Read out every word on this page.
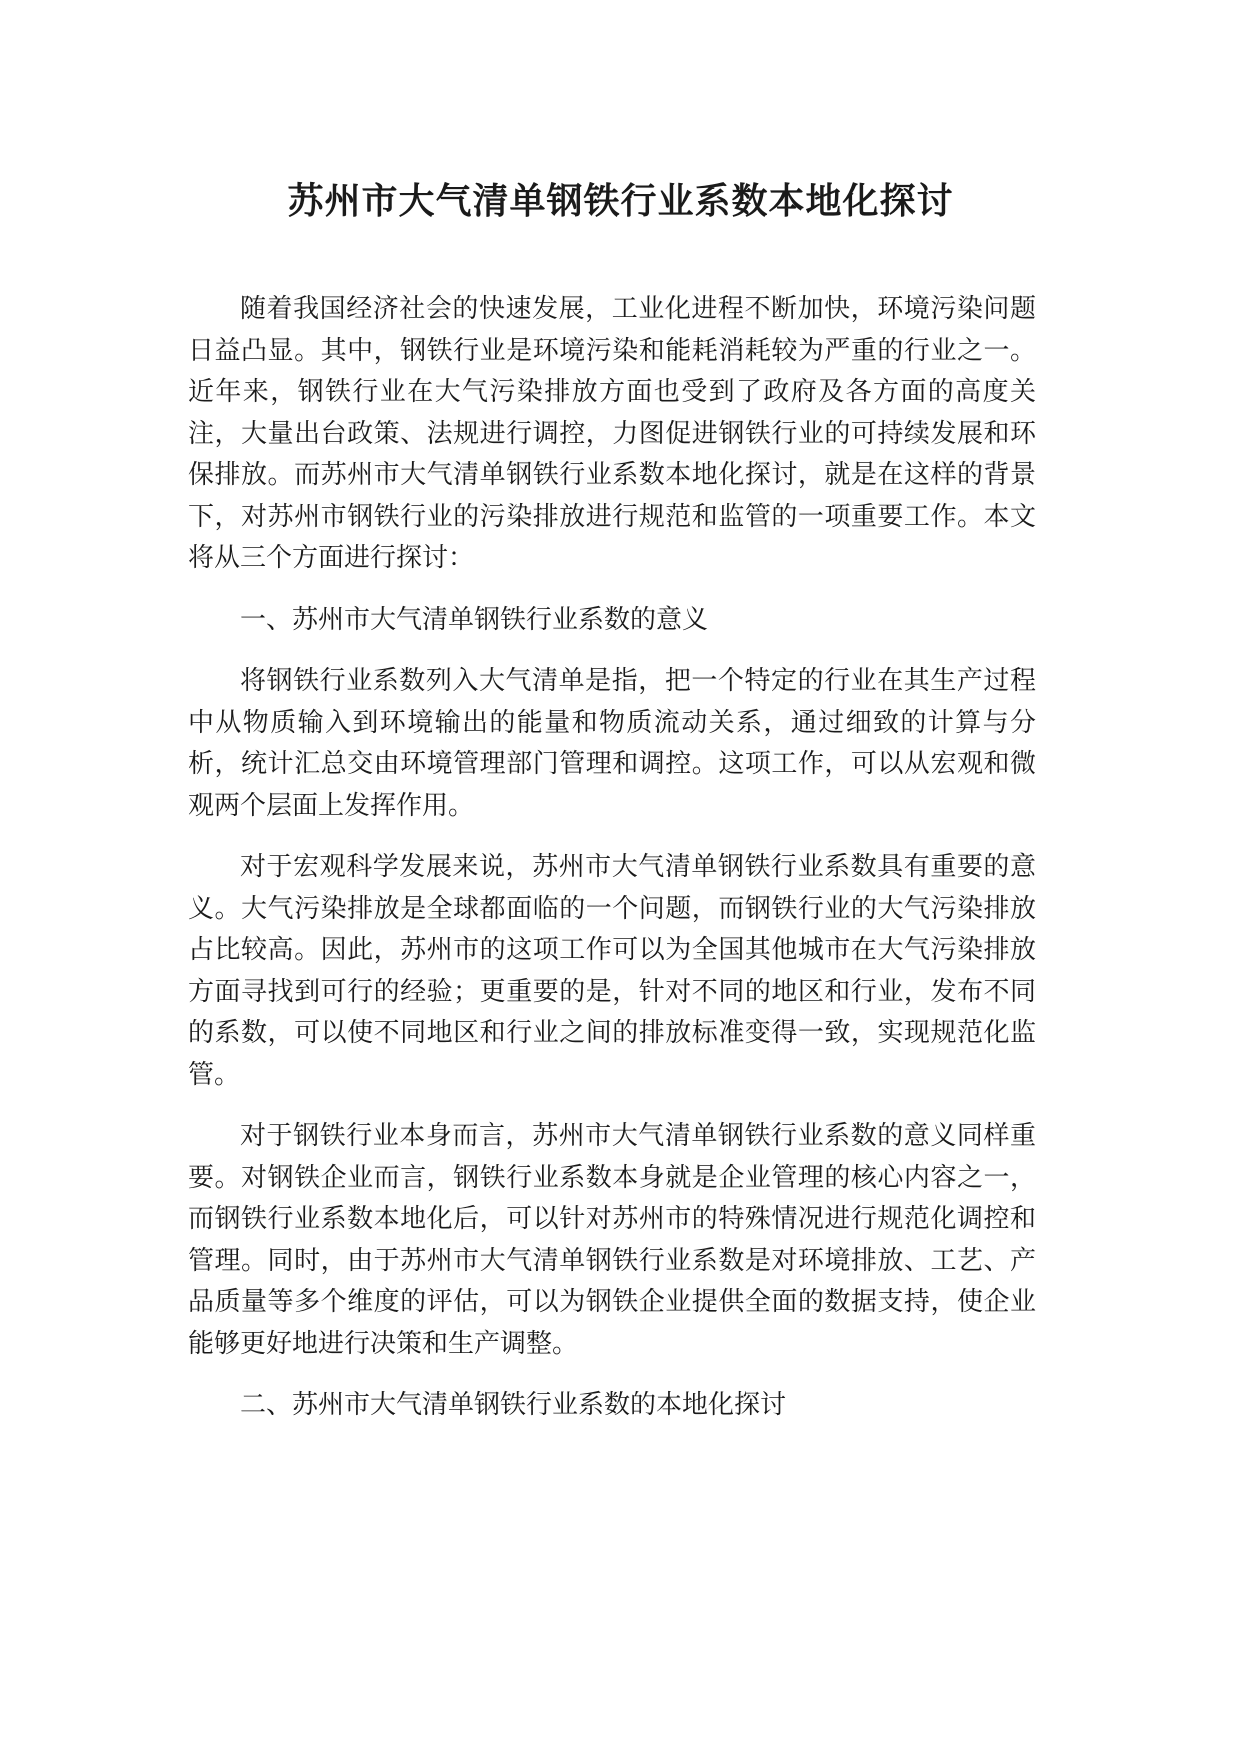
苏州市大气清单钢铁行业系数本地化探讨

随着我国经济社会的快速发展，工业化进程不断加快，环境污染问题日益凸显。其中，钢铁行业是环境污染和能耗消耗较为严重的行业之一。近年来，钢铁行业在大气污染排放方面也受到了政府及各方面的高度关注，大量出台政策、法规进行调控，力图促进钢铁行业的可持续发展和环保排放。而苏州市大气清单钢铁行业系数本地化探讨，就是在这样的背景下，对苏州市钢铁行业的污染排放进行规范和监管的一项重要工作。本文将从三个方面进行探讨：

一、苏州市大气清单钢铁行业系数的意义

将钢铁行业系数列入大气清单是指，把一个特定的行业在其生产过程中从物质输入到环境输出的能量和物质流动关系，通过细致的计算与分析，统计汇总交由环境管理部门管理和调控。这项工作，可以从宏观和微观两个层面上发挥作用。

对于宏观科学发展来说，苏州市大气清单钢铁行业系数具有重要的意义。大气污染排放是全球都面临的一个问题，而钢铁行业的大气污染排放占比较高。因此，苏州市的这项工作可以为全国其他城市在大气污染排放方面寻找到可行的经验；更重要的是，针对不同的地区和行业，发布不同的系数，可以使不同地区和行业之间的排放标准变得一致，实现规范化监管。

对于钢铁行业本身而言，苏州市大气清单钢铁行业系数的意义同样重要。对钢铁企业而言，钢铁行业系数本身就是企业管理的核心内容之一，而钢铁行业系数本地化后，可以针对苏州市的特殊情况进行规范化调控和管理。同时，由于苏州市大气清单钢铁行业系数是对环境排放、工艺、产品质量等多个维度的评估，可以为钢铁企业提供全面的数据支持，使企业能够更好地进行决策和生产调整。

二、苏州市大气清单钢铁行业系数的本地化探讨
